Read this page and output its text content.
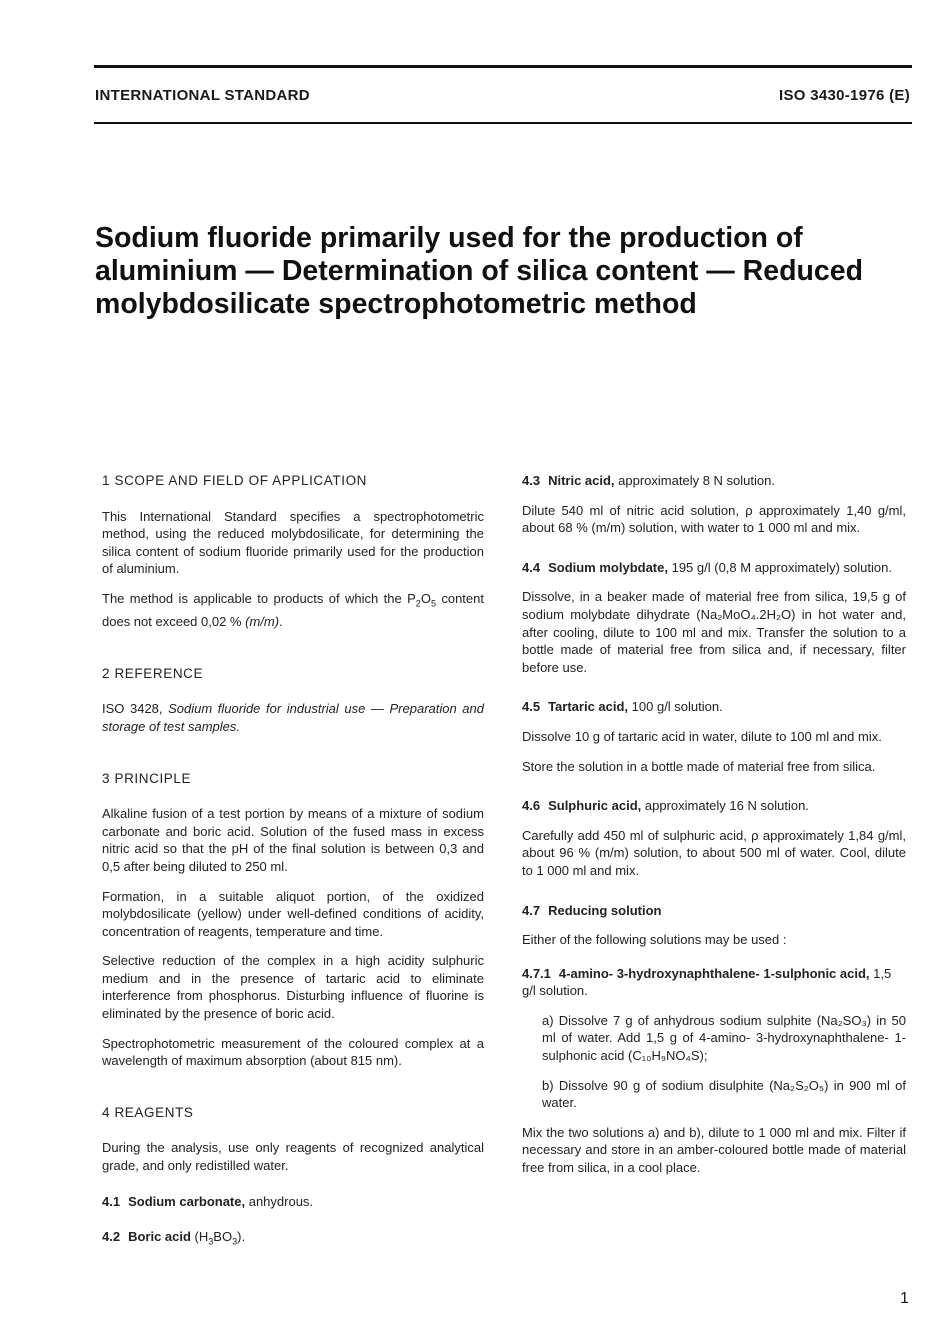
INTERNATIONAL STANDARD	ISO 3430-1976 (E)
Sodium fluoride primarily used for the production of
aluminium — Determination of silica content — Reduced
molybdosilicate spectrophotometric method
1 SCOPE AND FIELD OF APPLICATION

This International Standard specifies a spectrophotometric method, using the reduced molybdosilicate, for determining the silica content of sodium fluoride primarily used for the production of aluminium.

The method is applicable to products of which the $P_2O_5$ content does not exceed 0,02 % (m/m).

2 REFERENCE

ISO 3428, Sodium fluoride for industrial use — Preparation and storage of test samples.

3 PRINCIPLE

Alkaline fusion of a test portion by means of a mixture of sodium carbonate and boric acid. Solution of the fused mass in excess nitric acid so that the pH of the final solution is between 0,3 and 0,5 after being diluted to 250 ml.

Formation, in a suitable aliquot portion, of the oxidized molybdosilicate (yellow) under well-defined conditions of acidity, concentration of reagents, temperature and time.

Selective reduction of the complex in a high acidity sulphuric medium and in the presence of tartaric acid to eliminate interference from phosphorus. Disturbing influence of fluorine is eliminated by the presence of boric acid.

Spectrophotometric measurement of the coloured complex at a wavelength of maximum absorption (about 815 nm).

4 REAGENTS

During the analysis, use only reagents of recognized analytical grade, and only redistilled water.

4.1 Sodium carbonate, anhydrous.
4.2 Boric acid $(H_3BO_3)$.
4.3 Nitric acid, approximately 8 N solution.

Dilute 540 ml of nitric acid solution, ρ approximately 1,40 g/ml, about 68 % (m/m) solution, with water to 1 000 ml and mix.

4.4 Sodium molybdate, 195 g/l (0,8 M approximately) solution.

Dissolve, in a beaker made of material free from silica, 19,5 g of sodium molybdate dihydrate (Na₂MoO₄.2H₂O) in hot water and, after cooling, dilute to 100 ml and mix. Transfer the solution to a bottle made of material free from silica and, if necessary, filter before use.

4.5 Tartaric acid, 100 g/l solution.

Dissolve 10 g of tartaric acid in water, dilute to 100 ml and mix.

Store the solution in a bottle made of material free from silica.

4.6 Sulphuric acid, approximately 16 N solution.

Carefully add 450 ml of sulphuric acid, ρ approximately 1,84 g/ml, about 96 % (m/m) solution, to about 500 ml of water. Cool, dilute to 1 000 ml and mix.

4.7 Reducing solution

Either of the following solutions may be used :

4.7.1 4-amino- 3-hydroxynaphthalene- 1-sulphonic acid, 1,5 g/l solution.

a) Dissolve 7 g of anhydrous sodium sulphite (Na₂SO₃) in 50 ml of water. Add 1,5 g of 4-amino- 3-hydroxynaphthalene- 1-sulphonic acid (C₁₀H₉NO₄S);

b) Dissolve 90 g of sodium disulphite (Na₂S₂O₅) in 900 ml of water.

Mix the two solutions a) and b), dilute to 1 000 ml and mix. Filter if necessary and store in an amber-coloured bottle made of material free from silica, in a cool place.

1
